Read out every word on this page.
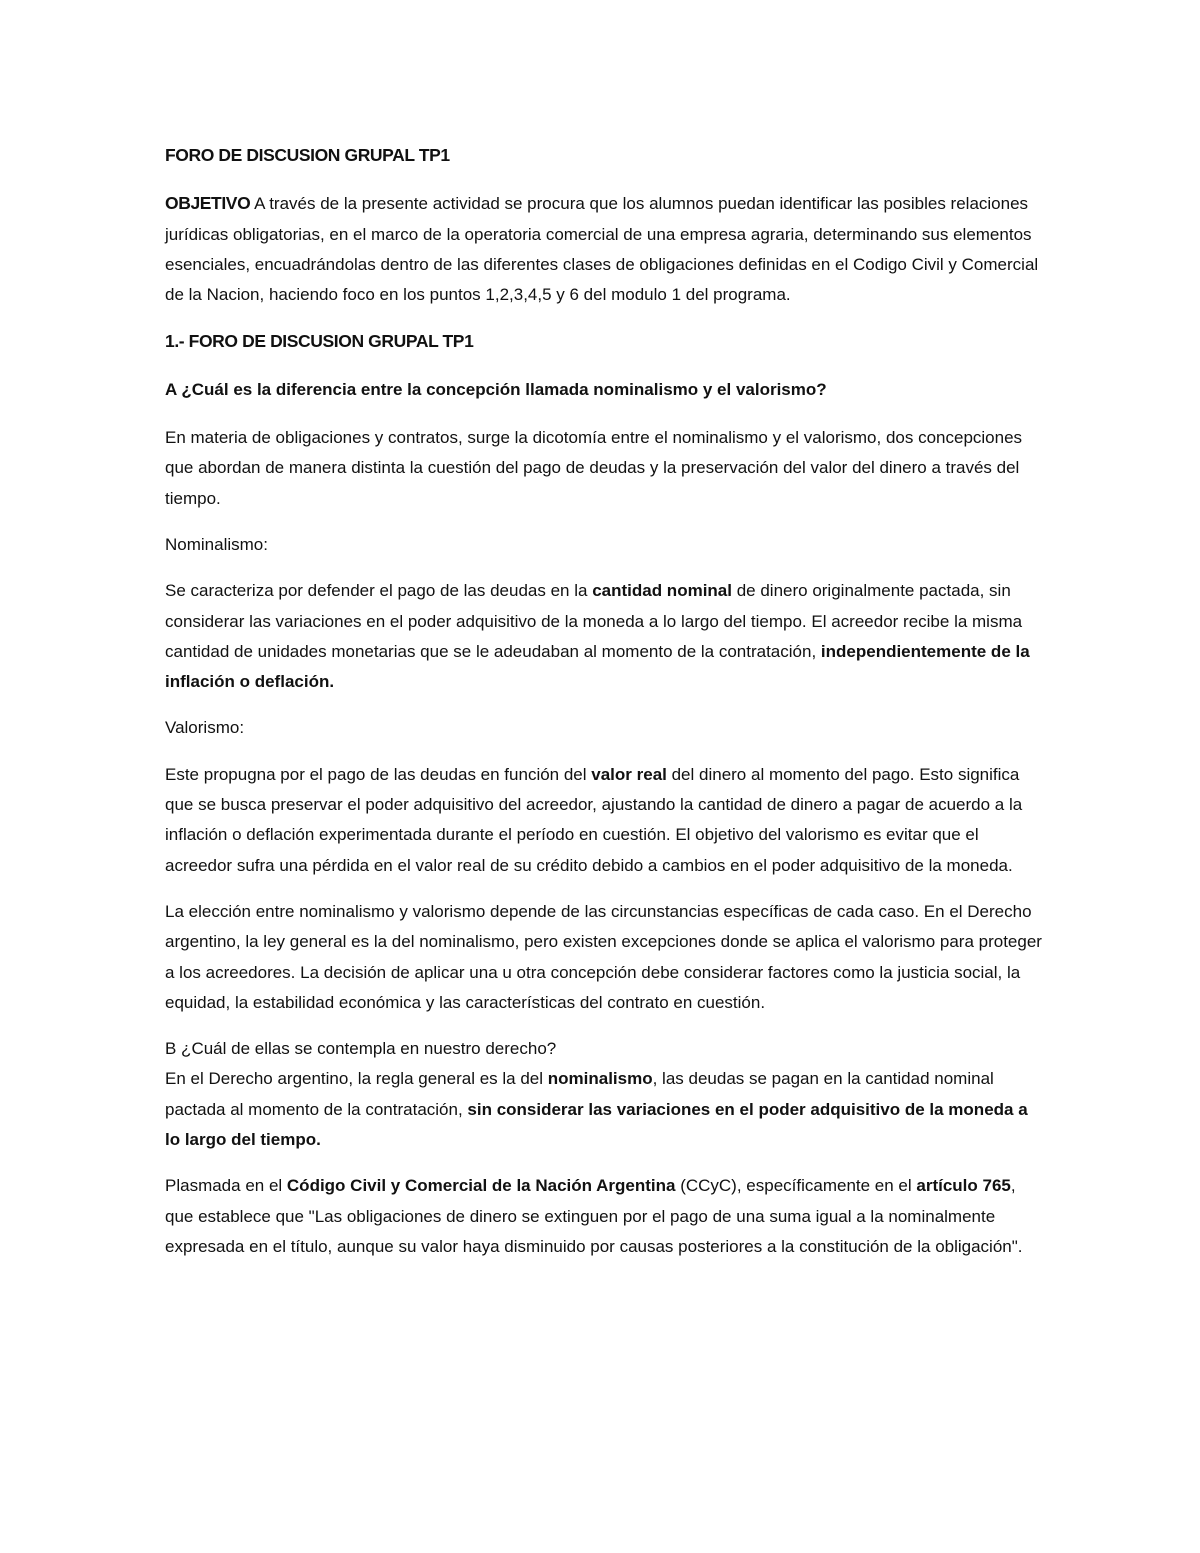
FORO DE DISCUSION GRUPAL TP1

OBJETIVO A través de la presente actividad se procura que los alumnos puedan identificar las posibles relaciones jurídicas obligatorias, en el marco de la operatoria comercial de una empresa agraria, determinando sus elementos esenciales, encuadrándolas dentro de las diferentes clases de obligaciones definidas en el Codigo Civil y Comercial de la Nacion, haciendo foco en los puntos 1,2,3,4,5 y 6 del modulo 1 del programa.

1.- FORO DE DISCUSION GRUPAL TP1

A ¿Cuál es la diferencia entre la concepción llamada nominalismo y el valorismo?

En materia de obligaciones y contratos, surge la dicotomía entre el nominalismo y el valorismo, dos concepciones que abordan de manera distinta la cuestión del pago de deudas y la preservación del valor del dinero a través del tiempo.

Nominalismo:

Se caracteriza por defender el pago de las deudas en la cantidad nominal de dinero originalmente pactada, sin considerar las variaciones en el poder adquisitivo de la moneda a lo largo del tiempo. El acreedor recibe la misma cantidad de unidades monetarias que se le adeudaban al momento de la contratación, independientemente de la inflación o deflación.

Valorismo:

Este propugna por el pago de las deudas en función del valor real del dinero al momento del pago. Esto significa que se busca preservar el poder adquisitivo del acreedor, ajustando la cantidad de dinero a pagar de acuerdo a la inflación o deflación experimentada durante el período en cuestión. El objetivo del valorismo es evitar que el acreedor sufra una pérdida en el valor real de su crédito debido a cambios en el poder adquisitivo de la moneda.

La elección entre nominalismo y valorismo depende de las circunstancias específicas de cada caso. En el Derecho argentino, la ley general es la del nominalismo, pero existen excepciones donde se aplica el valorismo para proteger a los acreedores. La decisión de aplicar una u otra concepción debe considerar factores como la justicia social, la equidad, la estabilidad económica y las características del contrato en cuestión.

B ¿Cuál de ellas se contempla en nuestro derecho?

En el Derecho argentino, la regla general es la del nominalismo, las deudas se pagan en la cantidad nominal pactada al momento de la contratación, sin considerar las variaciones en el poder adquisitivo de la moneda a lo largo del tiempo.

Plasmada en el Código Civil y Comercial de la Nación Argentina (CCyC), específicamente en el artículo 765, que establece que "Las obligaciones de dinero se extinguen por el pago de una suma igual a la nominalmente expresada en el título, aunque su valor haya disminuido por causas posteriores a la constitución de la obligación".
